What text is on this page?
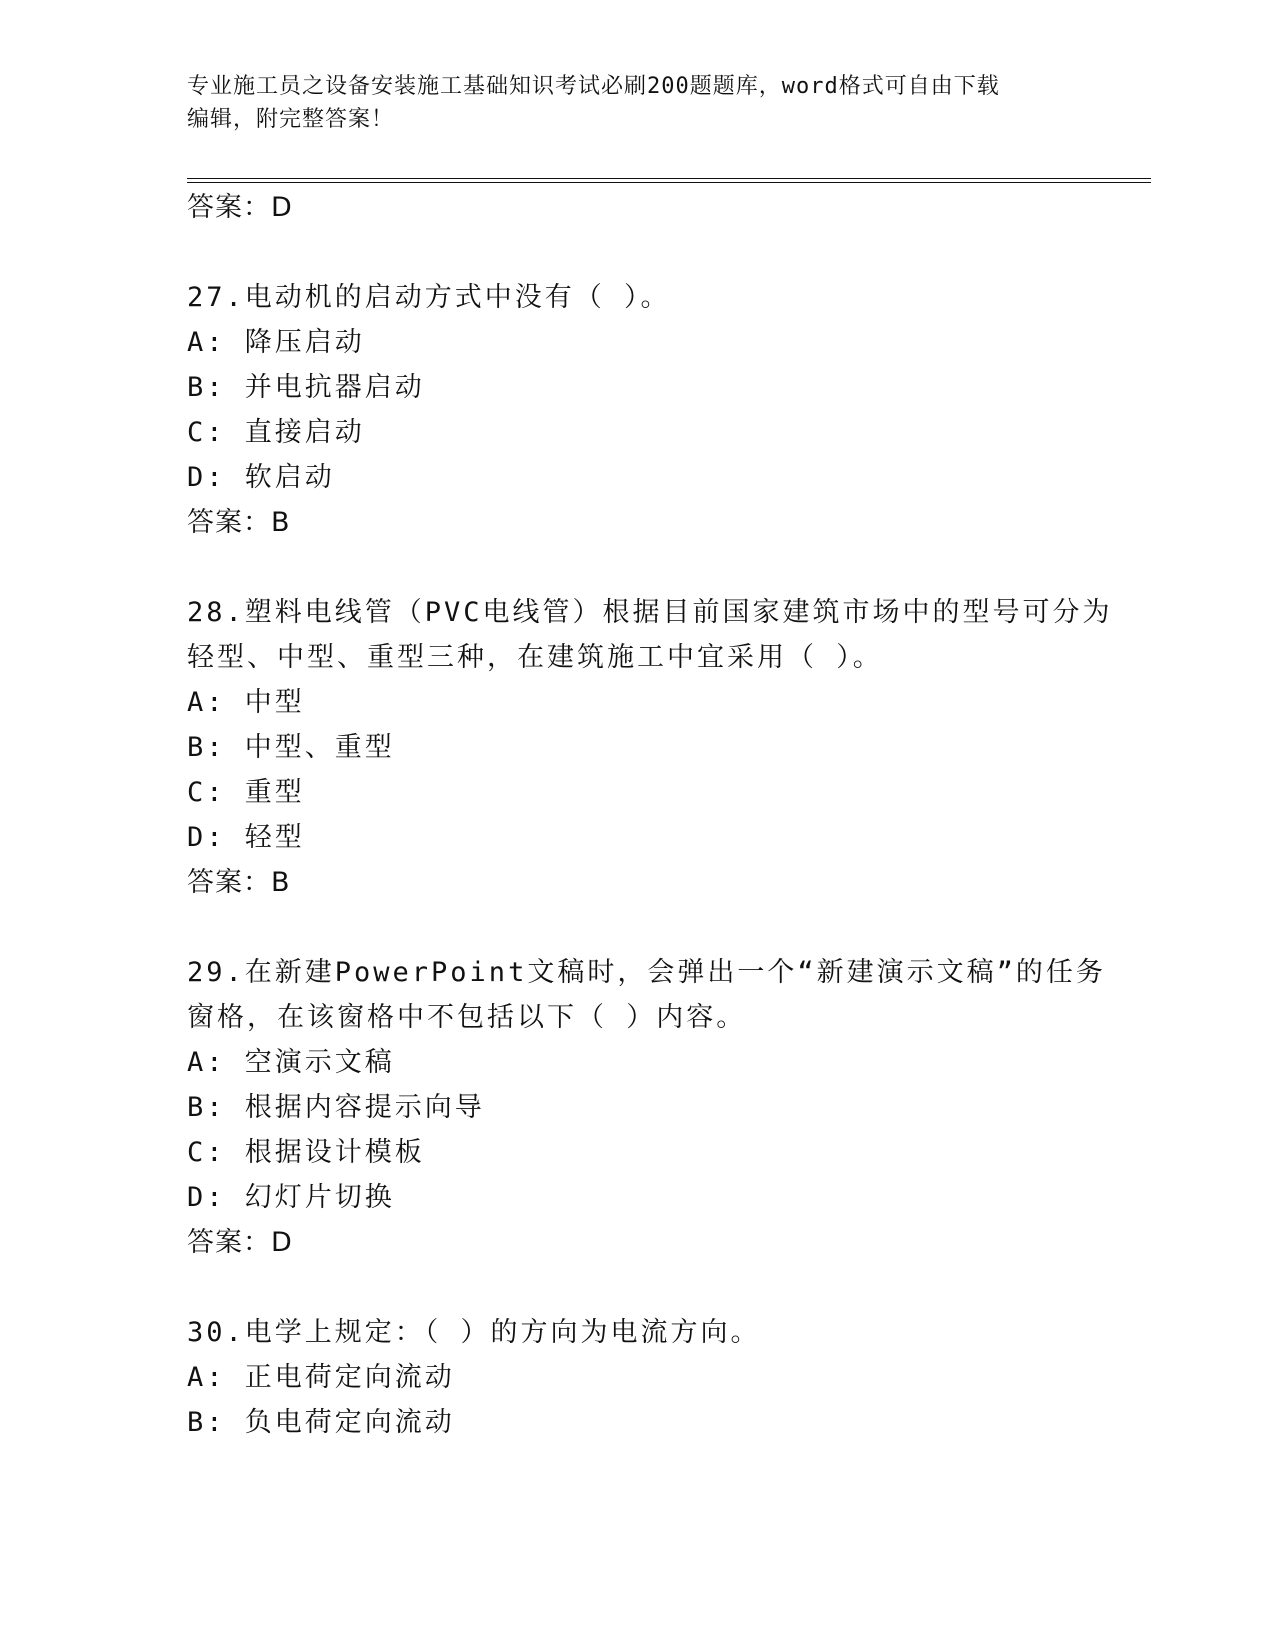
专业施工员之设备安装施工基础知识考试必刷200题题库，word格式可自由下载
编辑，附完整答案！
答案：D
27.电动机的启动方式中没有（ ）。
A: 降压启动
B: 并电抗器启动
C: 直接启动
D: 软启动
答案：B
28.塑料电线管（PVC电线管）根据目前国家建筑市场中的型号可分为
轻型、中型、重型三种，在建筑施工中宜采用（ ）。
A: 中型
B: 中型、重型
C: 重型
D: 轻型
答案：B
29.在新建PowerPoint文稿时，会弹出一个“新建演示文稿”的任务
窗格，在该窗格中不包括以下（ ）内容。
A: 空演示文稿
B: 根据内容提示向导
C: 根据设计模板
D: 幻灯片切换
答案：D
30.电学上规定：（ ）的方向为电流方向。
A: 正电荷定向流动
B: 负电荷定向流动
